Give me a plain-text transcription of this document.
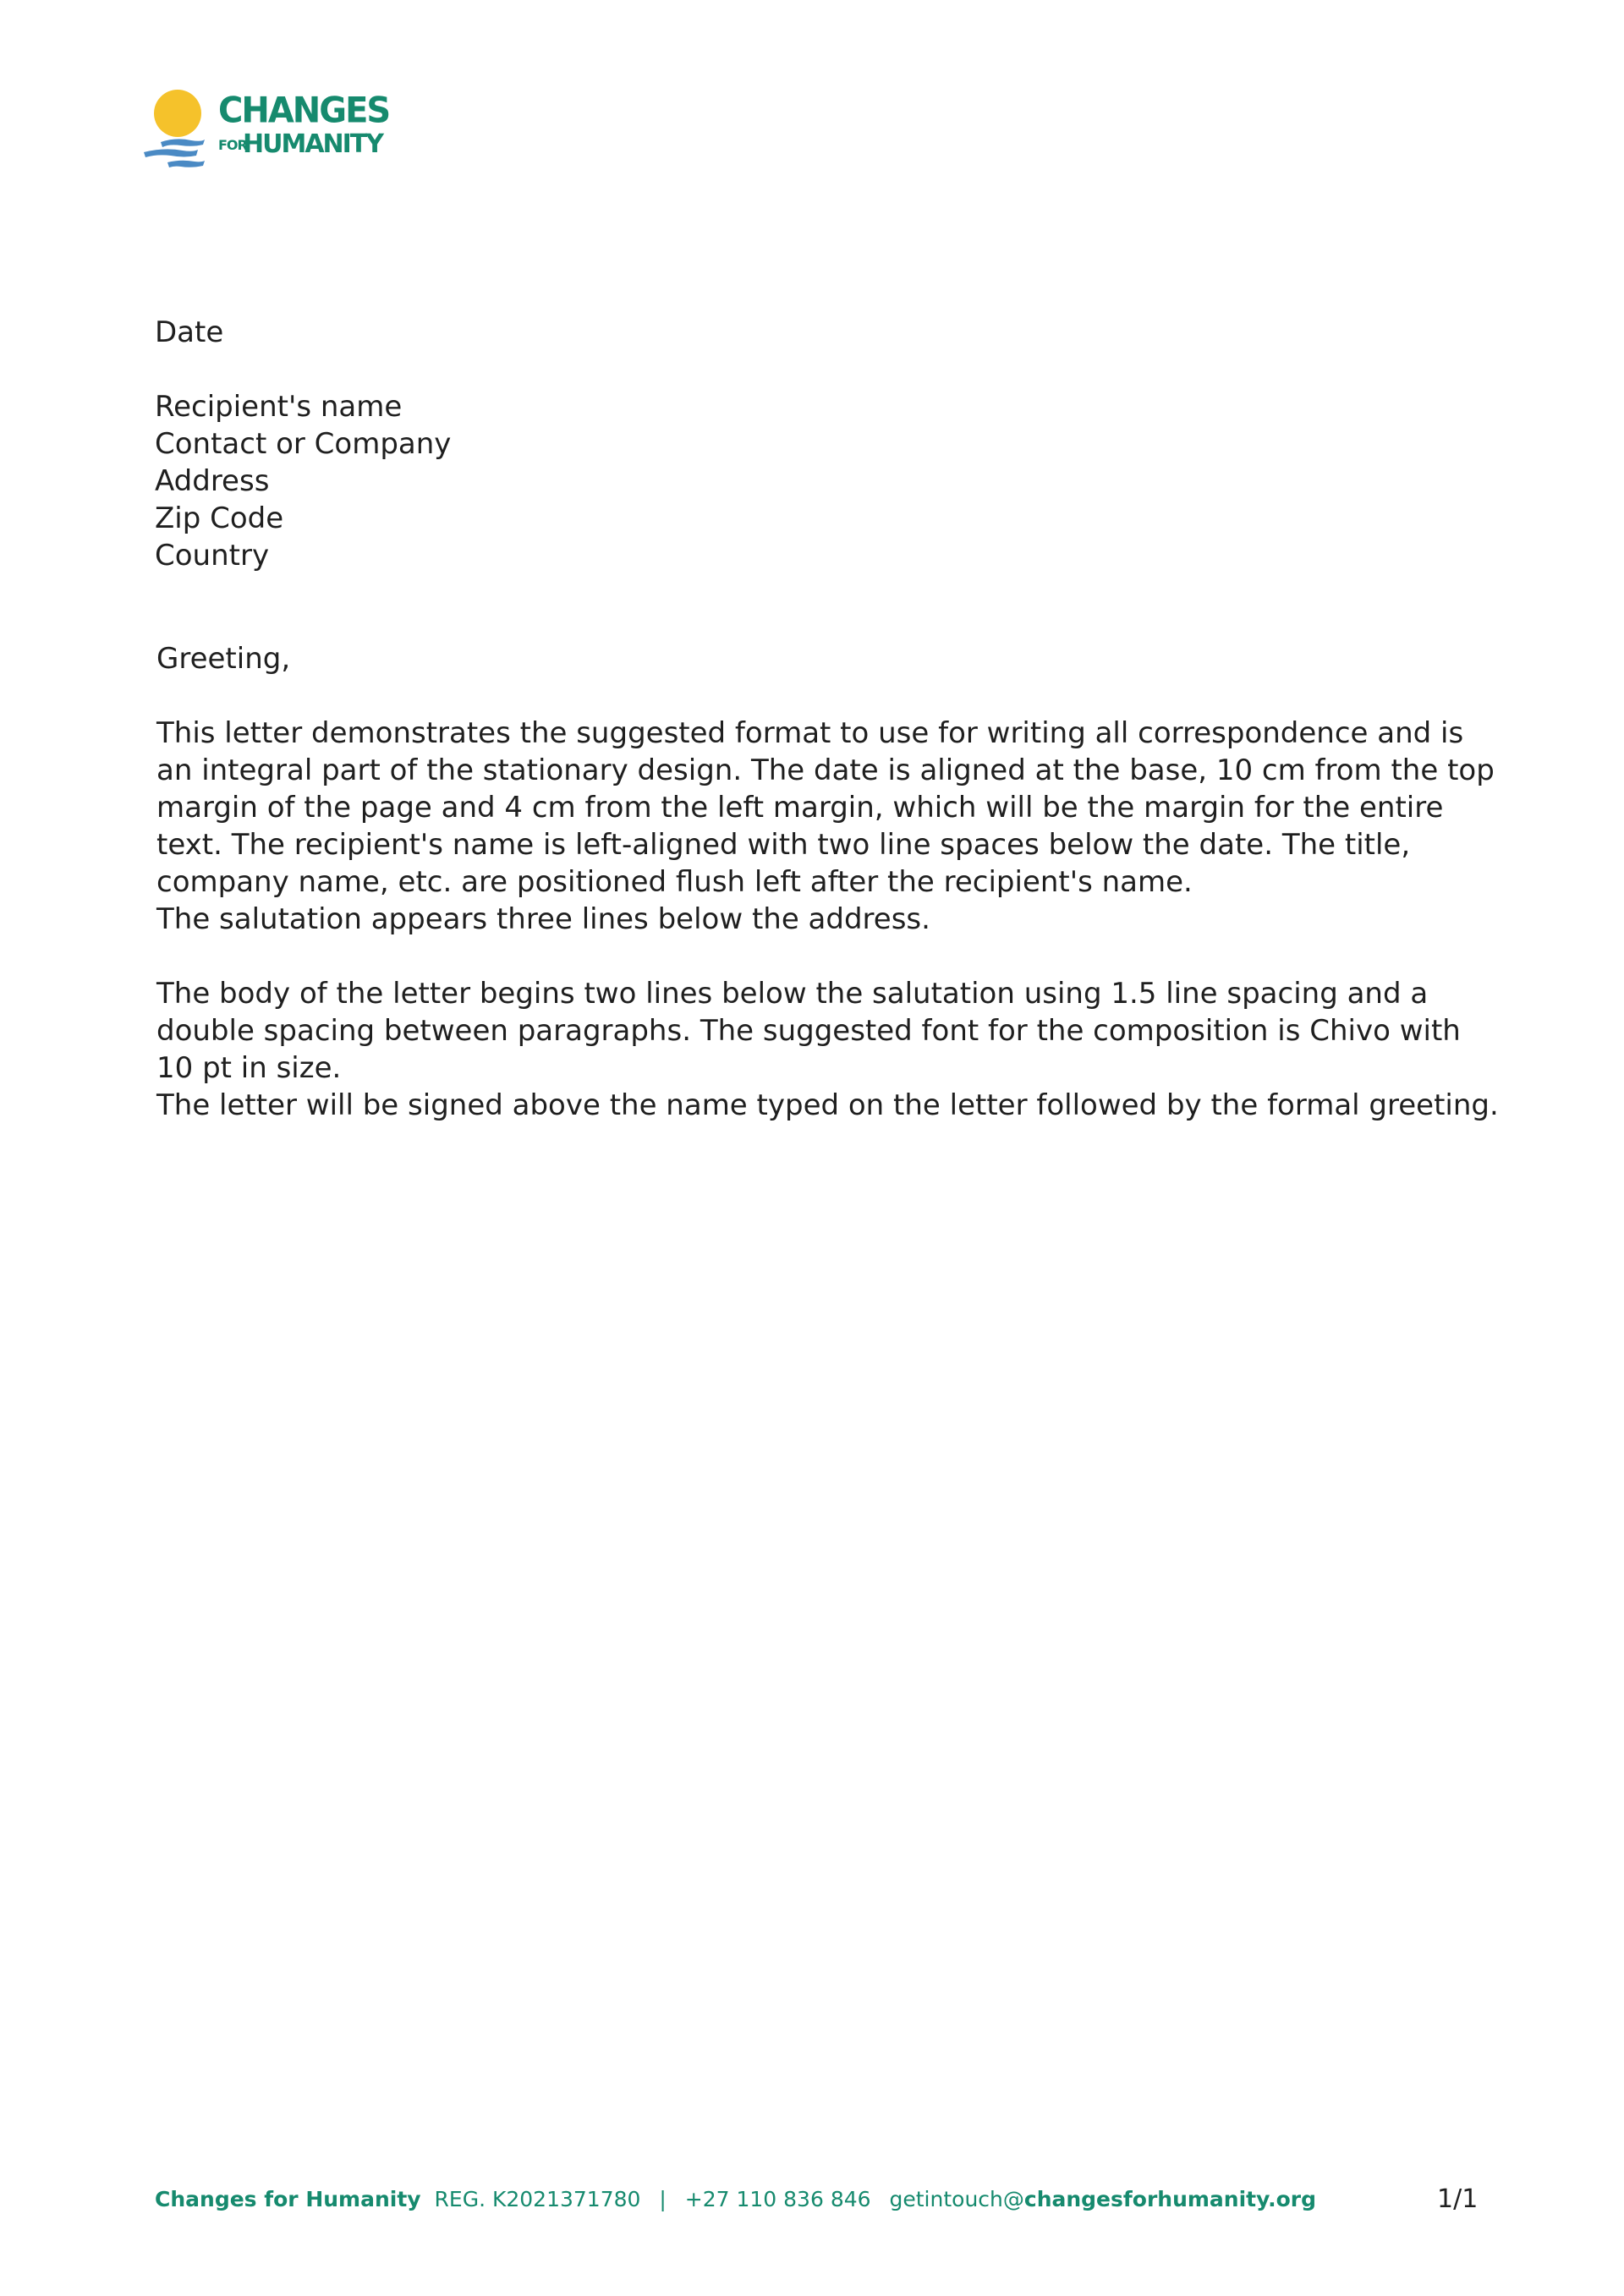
CHANGES
FOR
HUMANITY
Date
Recipient's name
Contact or Company
Address
Zip Code
Country
Greeting,
This letter demonstrates the suggested format to use for writing all correspondence and is
an integral part of the stationary design. The date is aligned at the base, 10 cm from the top
margin of the page and 4 cm from the left margin, which will be the margin for the entire
text. The recipient's name is left-aligned with two line spaces below the date. The title,
company name, etc. are positioned flush left after the recipient's name.
The salutation appears three lines below the address.
The body of the letter begins two lines below the salutation using 1.5 line spacing and a
double spacing between paragraphs. The suggested font for the composition is Chivo with
10 pt in size.
The letter will be signed above the name typed on the letter followed by the formal greeting.
Changes for Humanity REG. K2021371780 | +27 110 836 846 getintouch@changesforhumanity.org	1/1
